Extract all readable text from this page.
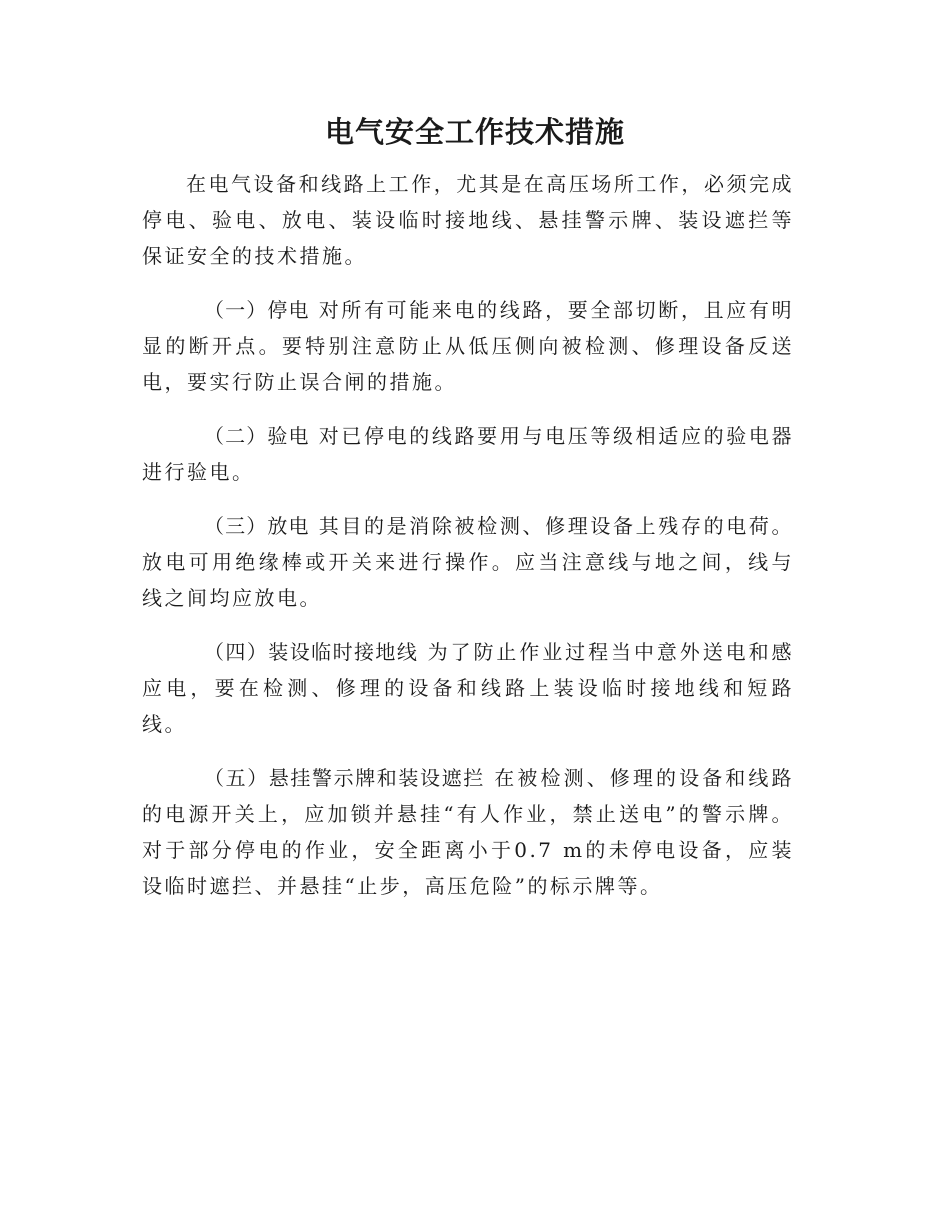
电气安全工作技术措施

在电气设备和线路上工作，尤其是在高压场所工作，必须完成停电、验电、放电、装设临时接地线、悬挂警示牌、装设遮拦等保证安全的技术措施。

（一）停电 对所有可能来电的线路，要全部切断，且应有明显的断开点。要特别注意防止从低压侧向被检测、修理设备反送电，要实行防止误合闸的措施。

（二）验电 对已停电的线路要用与电压等级相适应的验电器进行验电。

（三）放电 其目的是消除被检测、修理设备上残存的电荷。放电可用绝缘棒或开关来进行操作。应当注意线与地之间，线与线之间均应放电。

（四）装设临时接地线 为了防止作业过程当中意外送电和感应电，要在检测、修理的设备和线路上装设临时接地线和短路线。

（五）悬挂警示牌和装设遮拦 在被检测、修理的设备和线路的电源开关上，应加锁并悬挂“有人作业，禁止送电”的警示牌。对于部分停电的作业，安全距离小于0.7 m的未停电设备，应装设临时遮拦、并悬挂“止步，高压危险”的标示牌等。
